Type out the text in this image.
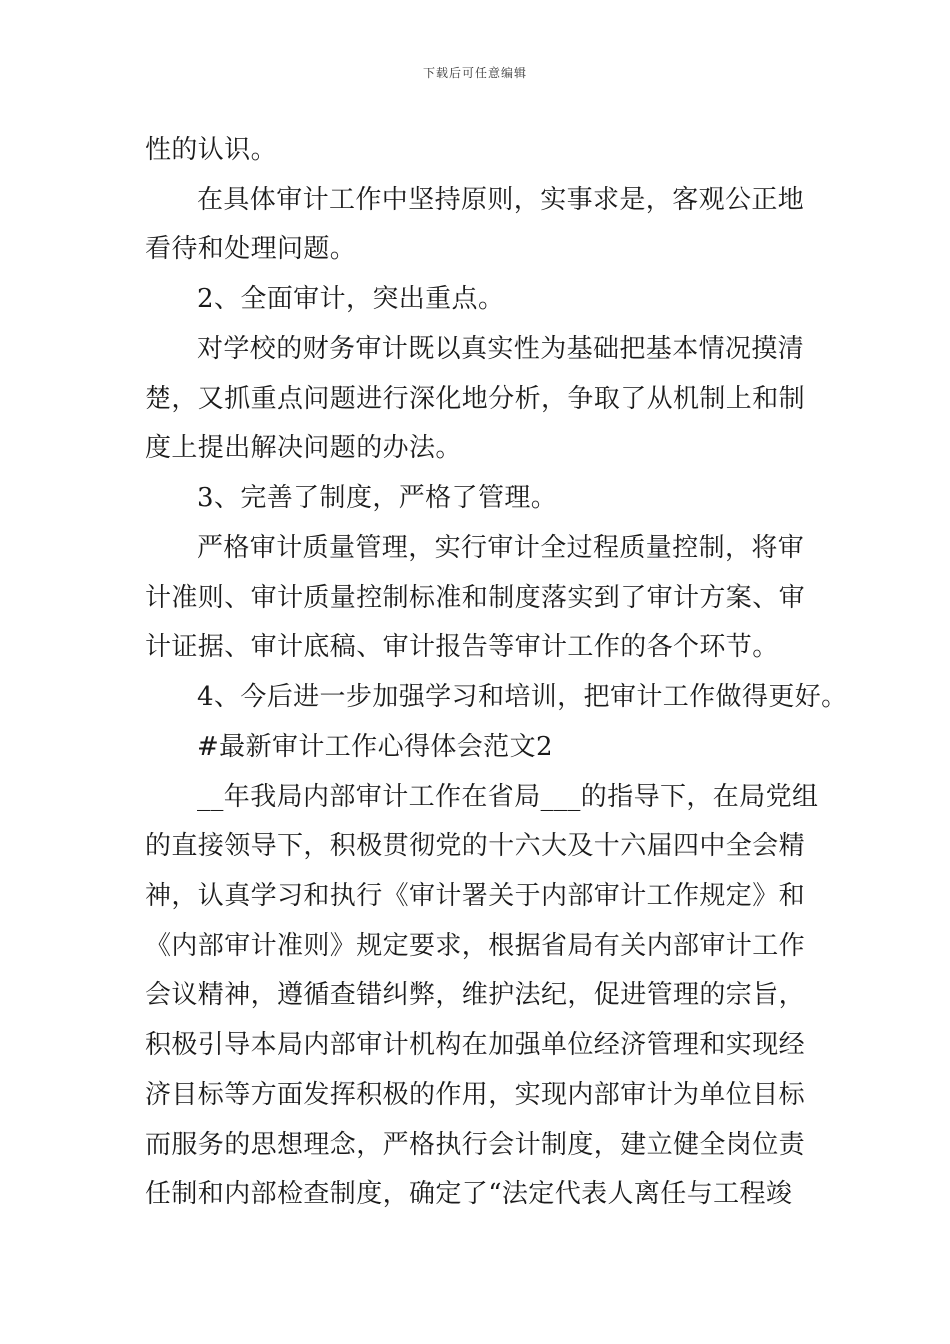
下载后可任意编辑
性的认识。
在具体审计工作中坚持原则，实事求是，客观公正地
看待和处理问题。
2、全面审计，突出重点。
对学校的财务审计既以真实性为基础把基本情况摸清
楚，又抓重点问题进行深化地分析，争取了从机制上和制
度上提出解决问题的办法。
3、完善了制度，严格了管理。
严格审计质量管理，实行审计全过程质量控制，将审
计准则、审计质量控制标准和制度落实到了审计方案、审
计证据、审计底稿、审计报告等审计工作的各个环节。
4、今后进一步加强学习和培训，把审计工作做得更好。
#最新审计工作心得体会范文2
__年我局内部审计工作在省局___的指导下，在局党组
的直接领导下，积极贯彻党的十六大及十六届四中全会精
神，认真学习和执行《审计署关于内部审计工作规定》和
《内部审计准则》规定要求，根据省局有关内部审计工作
会议精神，遵循查错纠弊，维护法纪，促进管理的宗旨，
积极引导本局内部审计机构在加强单位经济管理和实现经
济目标等方面发挥积极的作用，实现内部审计为单位目标
而服务的思想理念，严格执行会计制度，建立健全岗位责
任制和内部检查制度，确定了“法定代表人离任与工程竣
